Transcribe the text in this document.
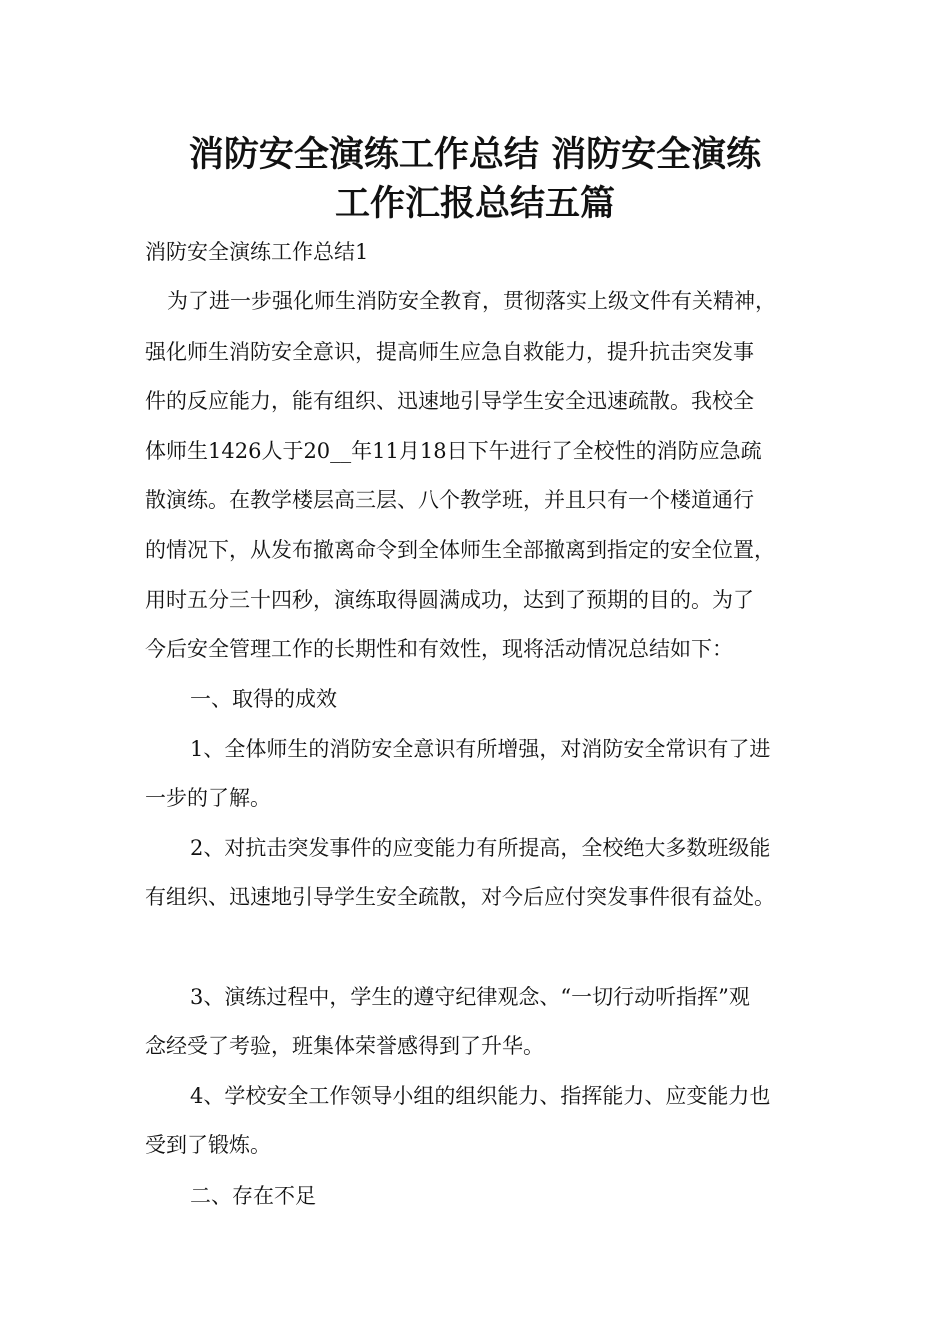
消防安全演练工作总结 消防安全演练
工作汇报总结五篇

消防安全演练工作总结1

为了进一步强化师生消防安全教育，贯彻落实上级文件有关精神，

强化师生消防安全意识，提高师生应急自救能力，提升抗击突发事

件的反应能力，能有组织、迅速地引导学生安全迅速疏散。我校全

体师生1426人于20__年11月18日下午进行了全校性的消防应急疏

散演练。在教学楼层高三层、八个教学班，并且只有一个楼道通行

的情况下，从发布撤离命令到全体师生全部撤离到指定的安全位置，

用时五分三十四秒，演练取得圆满成功，达到了预期的目的。为了

今后安全管理工作的长期性和有效性，现将活动情况总结如下：

一、取得的成效

1、全体师生的消防安全意识有所增强，对消防安全常识有了进

一步的了解。

2、对抗击突发事件的应变能力有所提高，全校绝大多数班级能

有组织、迅速地引导学生安全疏散，对今后应付突发事件很有益处。

3、演练过程中，学生的遵守纪律观念、“一切行动听指挥”观

念经受了考验，班集体荣誉感得到了升华。

4、学校安全工作领导小组的组织能力、指挥能力、应变能力也

受到了锻炼。

二、存在不足
